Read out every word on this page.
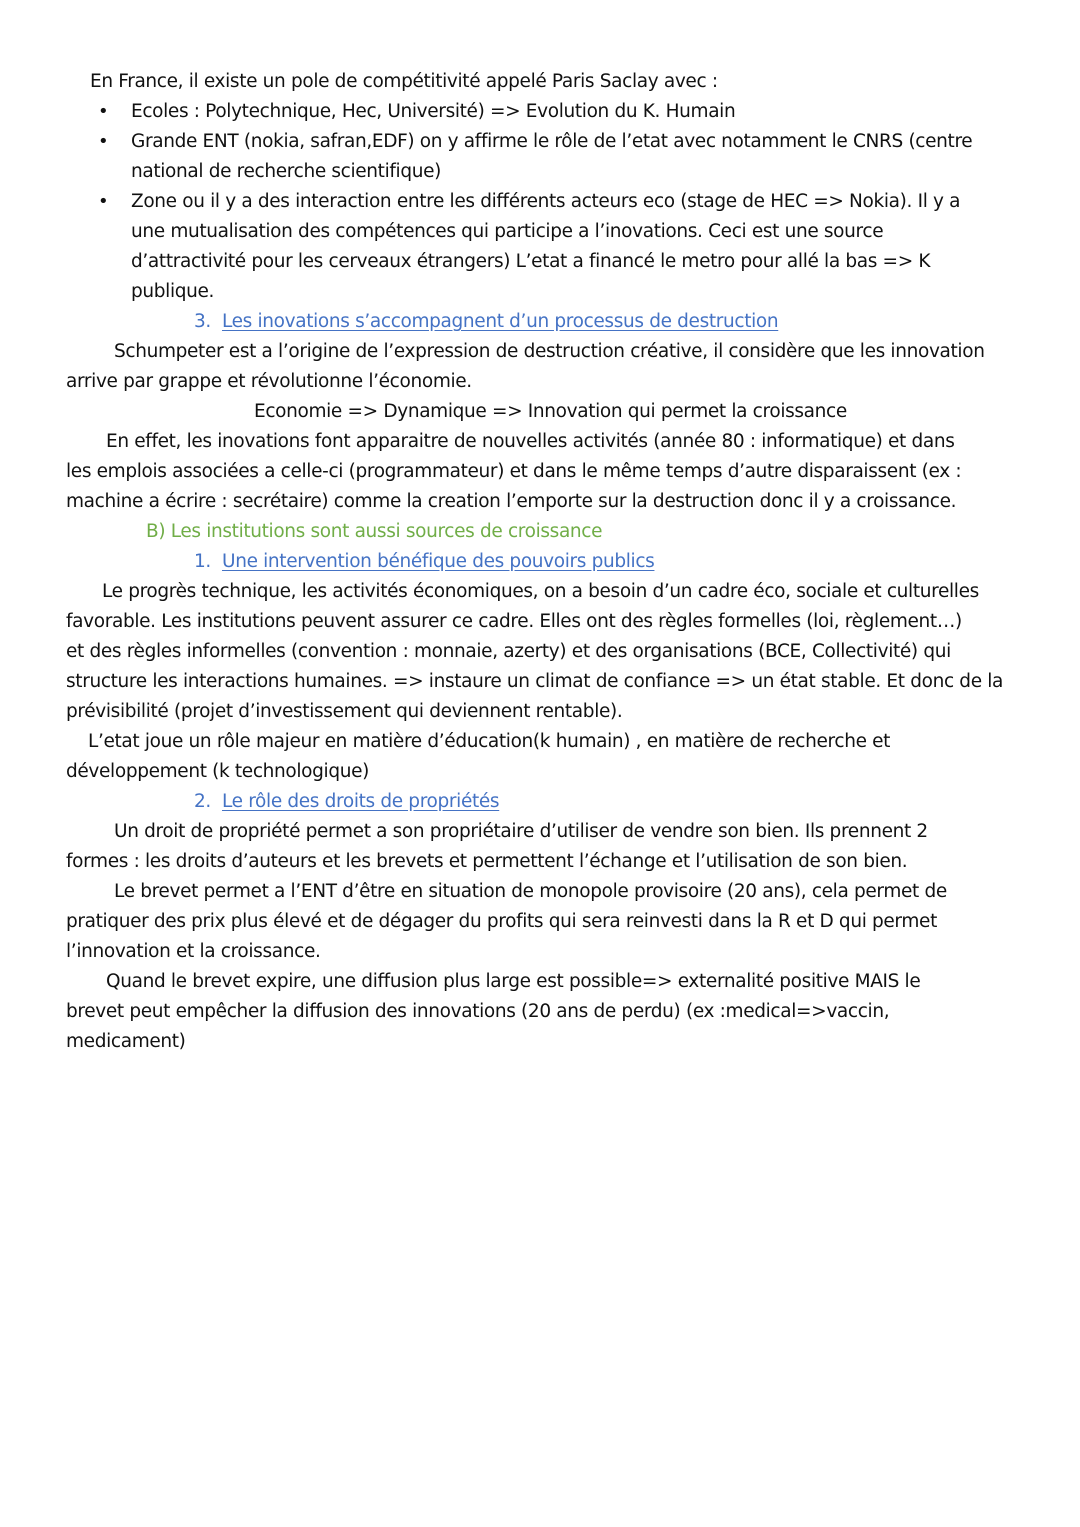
En France, il existe un pole de compétitivité appelé Paris Saclay avec :
• Ecoles : Polytechnique, Hec, Université) => Evolution du K. Humain
• Grande ENT (nokia, safran,EDF) on y affirme le rôle de l’etat avec notamment le CNRS (centre
national de recherche scientifique)
• Zone ou il y a des interaction entre les différents acteurs eco (stage de HEC => Nokia). Il y a
une mutualisation des compétences qui participe a l’inovations. Ceci est une source
d’attractivité pour les cerveaux étrangers) L’etat a financé le metro pour allé la bas => K
publique.
3. Les inovations s’accompagnent d’un processus de destruction
Schumpeter est a l’origine de l’expression de destruction créative, il considère que les innovation
arrive par grappe et révolutionne l’économie.
Economie => Dynamique => Innovation qui permet la croissance
En effet, les inovations font apparaitre de nouvelles activités (année 80 : informatique) et dans
les emplois associées a celle-ci (programmateur) et dans le même temps d’autre disparaissent (ex :
machine a écrire : secrétaire) comme la creation l’emporte sur la destruction donc il y a croissance.
B) Les institutions sont aussi sources de croissance
1. Une intervention bénéfique des pouvoirs publics
Le progrès technique, les activités économiques, on a besoin d’un cadre éco, sociale et culturelles
favorable. Les institutions peuvent assurer ce cadre. Elles ont des règles formelles (loi, règlement…)
et des règles informelles (convention : monnaie, azerty) et des organisations (BCE, Collectivité) qui
structure les interactions humaines. => instaure un climat de confiance => un état stable. Et donc de la
prévisibilité (projet d’investissement qui deviennent rentable).
L’etat joue un rôle majeur en matière d’éducation(k humain) , en matière de recherche et
développement (k technologique)
2. Le rôle des droits de propriétés
Un droit de propriété permet a son propriétaire d’utiliser de vendre son bien. Ils prennent 2
formes : les droits d’auteurs et les brevets et permettent l’échange et l’utilisation de son bien.
Le brevet permet a l’ENT d’être en situation de monopole provisoire (20 ans), cela permet de
pratiquer des prix plus élevé et de dégager du profits qui sera reinvesti dans la R et D qui permet
l’innovation et la croissance.
Quand le brevet expire, une diffusion plus large est possible=> externalité positive MAIS le
brevet peut empêcher la diffusion des innovations (20 ans de perdu) (ex :medical=>vaccin,
medicament)
